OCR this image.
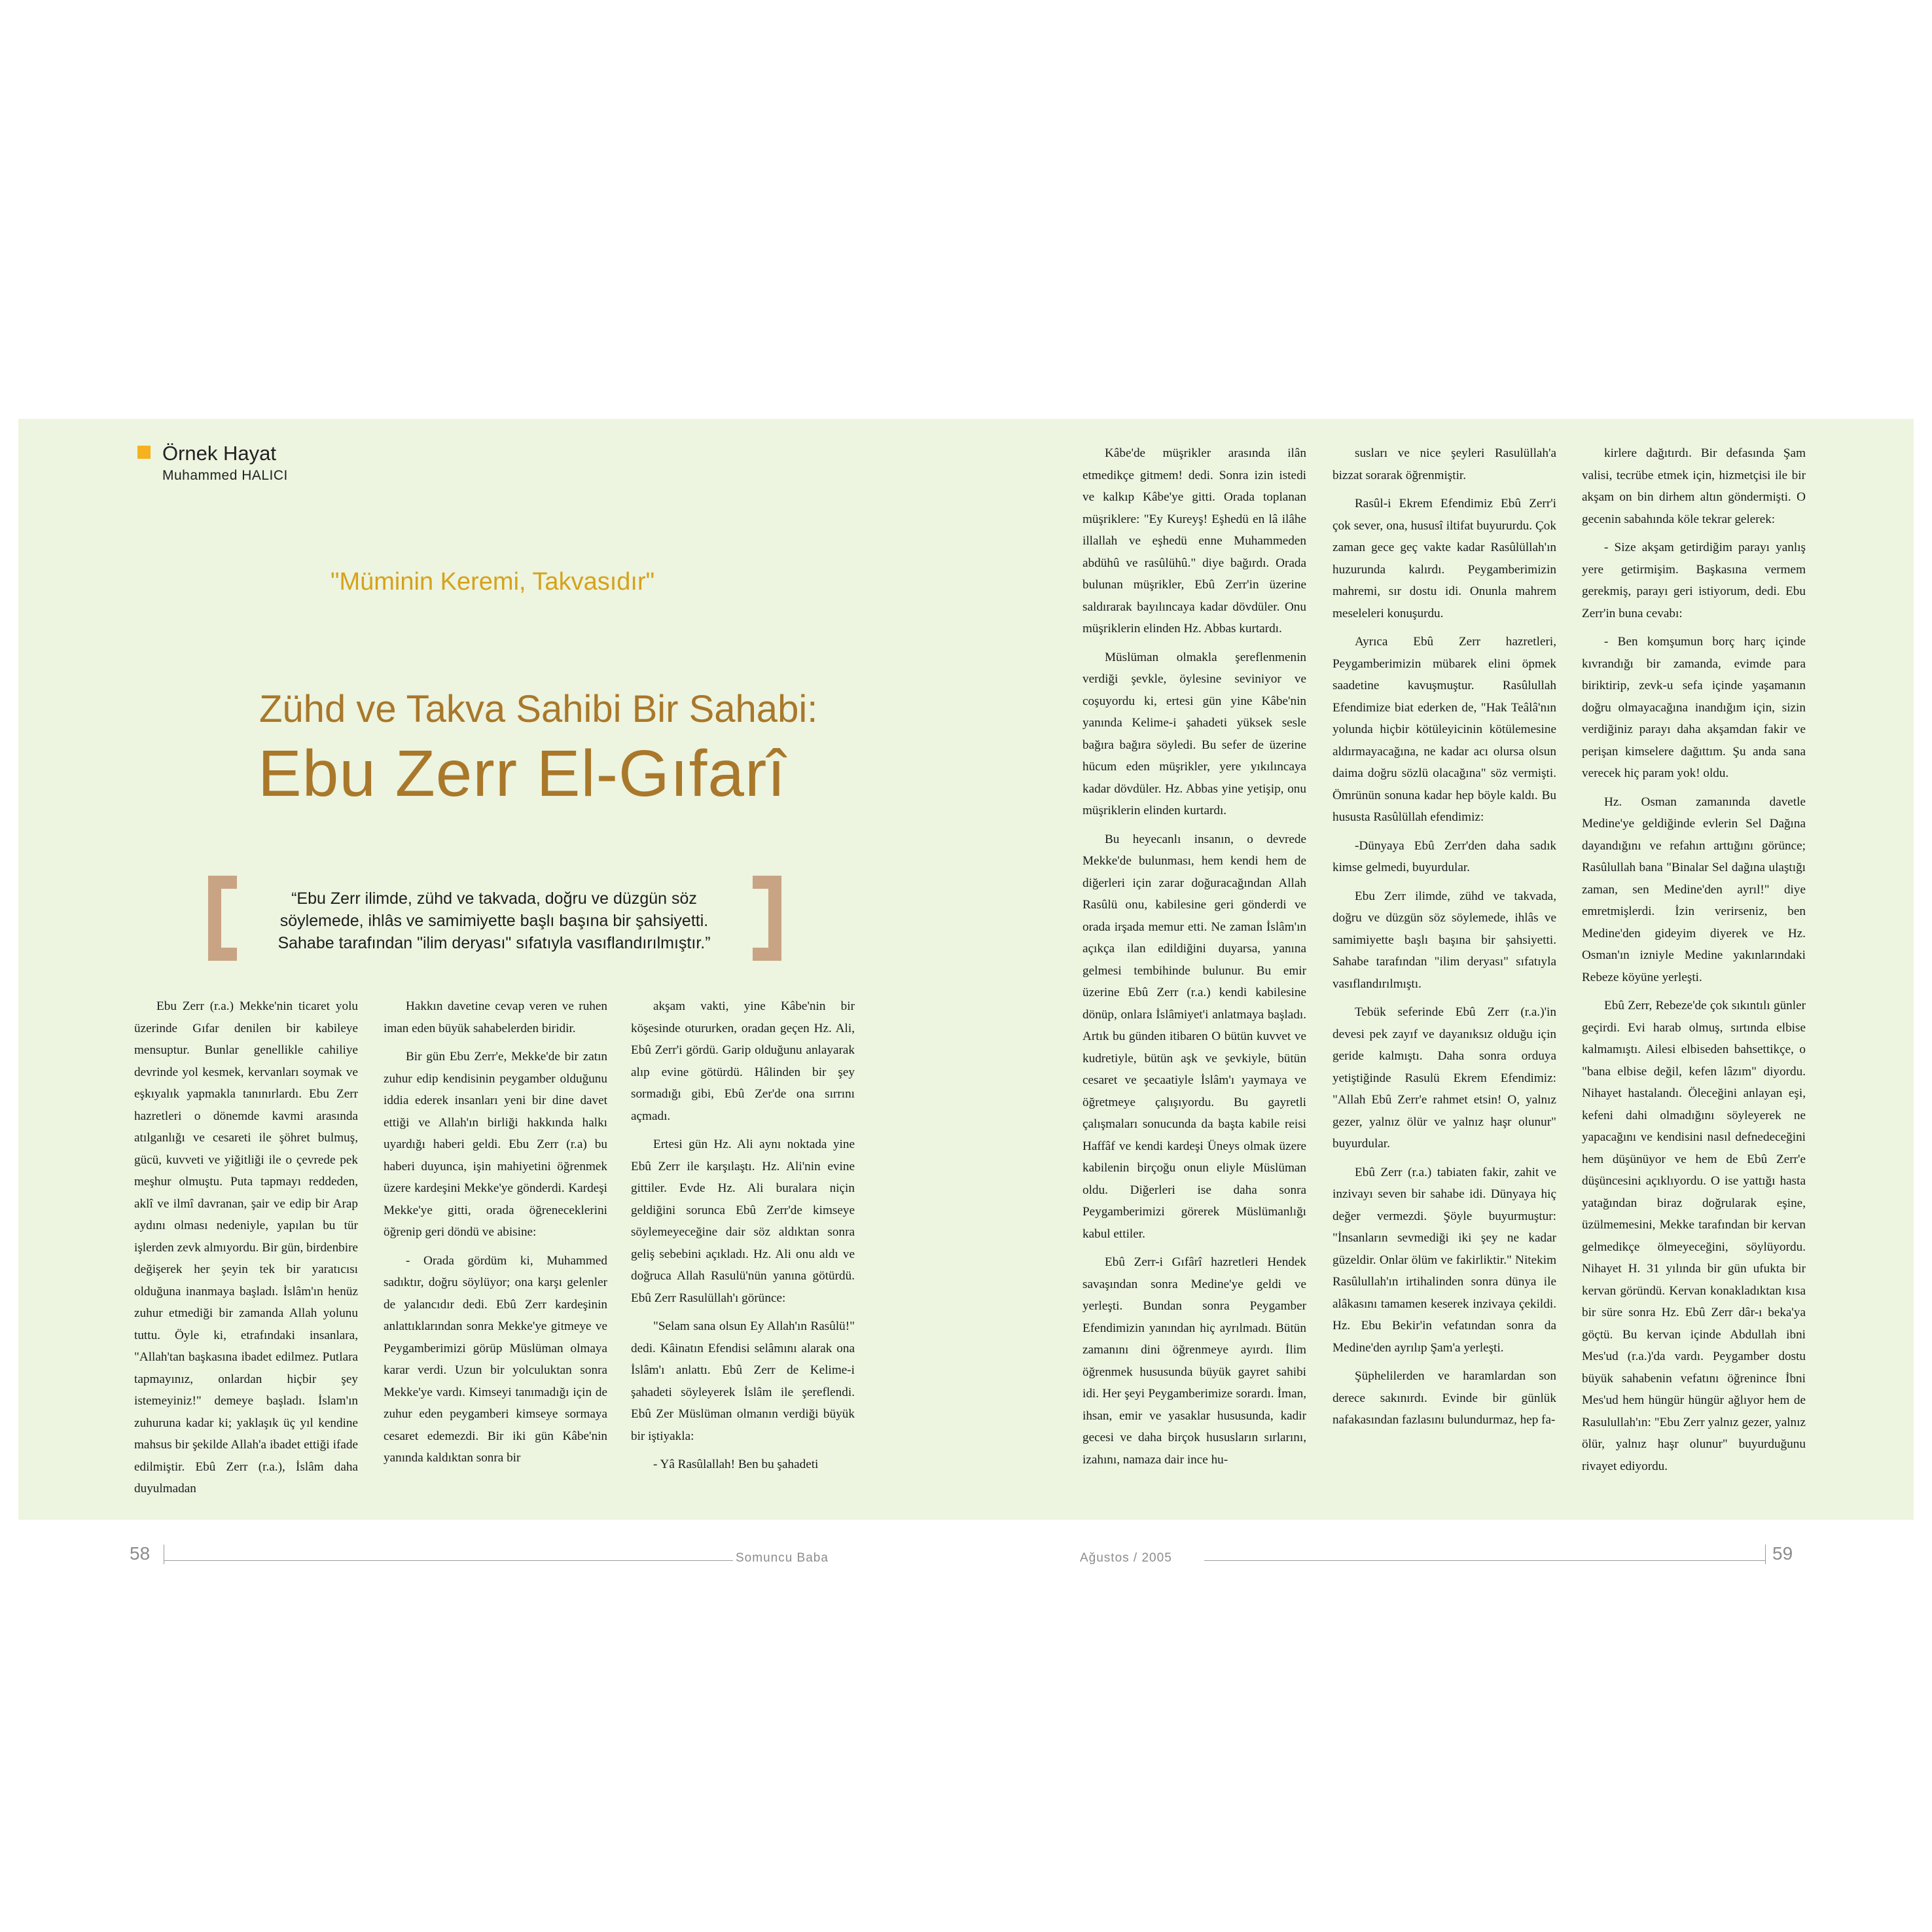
Örnek Hayat
Muhammed HALICI
"Müminin Keremi, Takvasıdır"
Zühd ve Takva Sahibi Bir Sahabi:
Ebu Zerr El-Gıfarî
“Ebu Zerr ilimde, zühd ve takvada, doğru ve düzgün söz söylemede, ihlâs ve samimiyette başlı başına bir şahsiyetti. Sahabe tarafından "ilim deryası" sıfatıyla vasıflandırılmıştır.”

Ebu Zerr (r.a.) Mekke'nin ticaret yolu üzerinde Gıfar denilen bir kabileye mensuptur. Bunlar genellikle cahiliye devrinde yol kesmek, kervanları soymak ve eşkıyalık yapmakla tanınırlardı. Ebu Zerr hazretleri o dönemde kavmi arasında atılganlığı ve cesareti ile şöhret bulmuş, gücü, kuvveti ve yiğitliği ile o çevrede pek meşhur olmuştu. Puta tapmayı reddeden, aklî ve ilmî davranan, şair ve edip bir Arap aydını olması nedeniyle, yapılan bu tür işlerden zevk almıyordu. Bir gün, birdenbire değişerek her şeyin tek bir yaratıcısı olduğuna inanmaya başladı. İslâm'ın henüz zuhur etmediği bir zamanda Allah yolunu tuttu. Öyle ki, etrafındaki insanlara, "Allah'tan başkasına ibadet edilmez. Putlara tapmayınız, onlardan hiçbir şey istemeyiniz!" demeye başladı. İslam'ın zuhuruna kadar ki; yaklaşık üç yıl kendine mahsus bir şekilde Allah'a ibadet ettiği ifade edilmiştir. Ebû Zerr (r.a.), İslâm daha duyulmadan

Hakkın davetine cevap veren ve ruhen iman eden büyük sahabelerden biridir.

Bir gün Ebu Zerr'e, Mekke'de bir zatın zuhur edip kendisinin peygamber olduğunu iddia ederek insanları yeni bir dine davet ettiği ve Allah'ın birliği hakkında halkı uyardığı haberi geldi. Ebu Zerr (r.a) bu haberi duyunca, işin mahiyetini öğrenmek üzere kardeşini Mekke'ye gönderdi. Kardeşi Mekke'ye gitti, orada öğreneceklerini öğrenip geri döndü ve abisine:

- Orada gördüm ki, Muhammed sadıktır, doğru söylüyor; ona karşı gelenler de yalancıdır dedi. Ebû Zerr kardeşinin anlattıklarından sonra Mekke'ye gitmeye ve Peygamberimizi görüp Müslüman olmaya karar verdi. Uzun bir yolculuktan sonra Mekke'ye vardı. Kimseyi tanımadığı için de zuhur eden peygamberi kimseye sormaya cesaret edemezdi. Bir iki gün Kâbe'nin yanında kaldıktan sonra bir

akşam vakti, yine Kâbe'nin bir köşesinde otururken, oradan geçen Hz. Ali, Ebû Zerr'i gördü. Garip olduğunu anlayarak alıp evine götürdü. Hâlinden bir şey sormadığı gibi, Ebû Zer'de ona sırrını açmadı.

Ertesi gün Hz. Ali aynı noktada yine Ebû Zerr ile karşılaştı. Hz. Ali'nin evine gittiler. Evde Hz. Ali buralara niçin geldiğini sorunca Ebû Zerr'de kimseye söylemeyeceğine dair söz aldıktan sonra geliş sebebini açıkladı. Hz. Ali onu aldı ve doğruca Allah Rasulü'nün yanına götürdü. Ebû Zerr Rasulüllah'ı görünce:

"Selam sana olsun Ey Allah'ın Rasûlü!" dedi. Kâinatın Efendisi selâmını alarak ona İslâm'ı anlattı. Ebû Zerr de Kelime-i şahadeti söyleyerek İslâm ile şereflendi. Ebû Zer Müslüman olmanın verdiği büyük bir iştiyakla:

- Yâ Rasûlallah! Ben bu şahadeti

Kâbe'de müşrikler arasında ilân etmedikçe gitmem! dedi. Sonra izin istedi ve kalkıp Kâbe'ye gitti. Orada toplanan müşriklere: "Ey Kureyş! Eşhedü en lâ ilâhe illallah ve eşhedü enne Muhammeden abdühû ve rasûlühû." diye bağırdı. Orada bulunan müşrikler, Ebû Zerr'in üzerine saldırarak bayılıncaya kadar dövdüler. Onu müşriklerin elinden Hz. Abbas kurtardı.

Müslüman olmakla şereflenmenin verdiği şevkle, öylesine seviniyor ve coşuyordu ki, ertesi gün yine Kâbe'nin yanında Kelime-i şahadeti yüksek sesle bağıra bağıra söyledi. Bu sefer de üzerine hücum eden müşrikler, yere yıkılıncaya kadar dövdüler. Hz. Abbas yine yetişip, onu müşriklerin elinden kurtardı.

Bu heyecanlı insanın, o devrede Mekke'de bulunması, hem kendi hem de diğerleri için zarar doğuracağından Allah Rasûlü onu, kabilesine geri gönderdi ve orada irşada memur etti. Ne zaman İslâm'ın açıkça ilan edildiğini duyarsa, yanına gelmesi tembihinde bulunur. Bu emir üzerine Ebû Zerr (r.a.) kendi kabilesine dönüp, onlara İslâmiyet'i anlatmaya başladı. Artık bu günden itibaren O bütün kuvvet ve kudretiyle, bütün aşk ve şevkiyle, bütün cesaret ve şecaatiyle İslâm'ı yaymaya ve öğretmeye çalışıyordu. Bu gayretli çalışmaları sonucunda da başta kabile reisi Haffâf ve kendi kardeşi Üneys olmak üzere kabilenin birçoğu onun eliyle Müslüman oldu. Diğerleri ise daha sonra Peygamberimizi görerek Müslümanlığı kabul ettiler.

Ebû Zerr-i Gıfârî hazretleri Hendek savaşından sonra Medine'ye geldi ve yerleşti. Bundan sonra Peygamber Efendimizin yanından hiç ayrılmadı. Bütün zamanını dini öğrenmeye ayırdı. İlim öğrenmek hususunda büyük gayret sahibi idi. Her şeyi Peygamberimize sorardı. İman, ihsan, emir ve yasaklar hususunda, kadir gecesi ve daha birçok hususların sırlarını, izahını, namaza dair ince hu-

susları ve nice şeyleri Rasulüllah'a bizzat sorarak öğrenmiştir.

Rasûl-i Ekrem Efendimiz Ebû Zerr'i çok sever, ona, hususî iltifat buyururdu. Çok zaman gece geç vakte kadar Rasûlüllah'ın huzurunda kalırdı. Peygamberimizin mahremi, sır dostu idi. Onunla mahrem meseleleri konuşurdu.

Ayrıca Ebû Zerr hazretleri, Peygamberimizin mübarek elini öpmek saadetine kavuşmuştur. Rasûlullah Efendimize biat ederken de, "Hak Teâlâ'nın yolunda hiçbir kötüleyicinin kötülemesine aldırmayacağına, ne kadar acı olursa olsun daima doğru sözlü olacağına" söz vermişti. Ömrünün sonuna kadar hep böyle kaldı. Bu hususta Rasûlüllah efendimiz:

-Dünyaya Ebû Zerr'den daha sadık kimse gelmedi, buyurdular.

Ebu Zerr ilimde, zühd ve takvada, doğru ve düzgün söz söylemede, ihlâs ve samimiyette başlı başına bir şahsiyetti. Sahabe tarafından "ilim deryası" sıfatıyla vasıflandırılmıştı.

Tebük seferinde Ebû Zerr (r.a.)'in devesi pek zayıf ve dayanıksız olduğu için geride kalmıştı. Daha sonra orduya yetiştiğinde Rasulü Ekrem Efendimiz: "Allah Ebû Zerr'e rahmet etsin! O, yalnız gezer, yalnız ölür ve yalnız haşr olunur" buyurdular.

Ebû Zerr (r.a.) tabiaten fakir, zahit ve inzivayı seven bir sahabe idi. Dünyaya hiç değer vermezdi. Şöyle buyurmuştur: "İnsanların sevmediği iki şey ne kadar güzeldir. Onlar ölüm ve fakirliktir." Nitekim Rasûlullah'ın irtihalinden sonra dünya ile alâkasını tamamen keserek inzivaya çekildi. Hz. Ebu Bekir'in vefatından sonra da Medine'den ayrılıp Şam'a yerleşti.

Şüphelilerden ve haramlardan son derece sakınırdı. Evinde bir günlük nafakasından fazlasını bulundurmaz, hep fa-

kirlere dağıtırdı. Bir defasında Şam valisi, tecrübe etmek için, hizmetçisi ile bir akşam on bin dirhem altın göndermişti. O gecenin sabahında köle tekrar gelerek:

- Size akşam getirdiğim parayı yanlış yere getirmişim. Başkasına vermem gerekmiş, parayı geri istiyorum, dedi. Ebu Zerr'in buna cevabı:

- Ben komşumun borç harç içinde kıvrandığı bir zamanda, evimde para biriktirip, zevk-u sefa içinde yaşamanın doğru olmayacağına inandığım için, sizin verdiğiniz parayı daha akşamdan fakir ve perişan kimselere dağıttım. Şu anda sana verecek hiç param yok! oldu.

Hz. Osman zamanında davetle Medine'ye geldiğinde evlerin Sel Dağına dayandığını ve refahın arttığını görünce; Rasûlullah bana "Binalar Sel dağına ulaştığı zaman, sen Medine'den ayrıl!" diye emretmişlerdi. İzin verirseniz, ben Medine'den gideyim diyerek ve Hz. Osman'ın izniyle Medine yakınlarındaki Rebeze köyüne yerleşti.

Ebû Zerr, Rebeze'de çok sıkıntılı günler geçirdi. Evi harab olmuş, sırtında elbise kalmamıştı. Ailesi elbiseden bahsettikçe, o "bana elbise değil, kefen lâzım" diyordu. Nihayet hastalandı. Öleceğini anlayan eşi, kefeni dahi olmadığını söyleyerek ne yapacağını ve kendisini nasıl defnedeceğini hem düşünüyor ve hem de Ebû Zerr'e düşüncesini açıklıyordu. O ise yattığı hasta yatağından biraz doğrularak eşine, üzülmemesini, Mekke tarafından bir kervan gelmedikçe ölmeyeceğini, söylüyordu. Nihayet H. 31 yılında bir gün ufukta bir kervan göründü. Kervan konakladıktan kısa bir süre sonra Hz. Ebû Zerr dâr-ı beka'ya göçtü. Bu kervan içinde Abdullah ibni Mes'ud (r.a.)'da vardı. Peygamber dostu büyük sahabenin vefatını öğrenince İbni Mes'ud hem hüngür hüngür ağlıyor hem de Rasulullah'ın: "Ebu Zerr yalnız gezer, yalnız ölür, yalnız haşr olunur" buyurduğunu rivayet ediyordu.

58	Somuncu Baba	Ağustos / 2005	59
